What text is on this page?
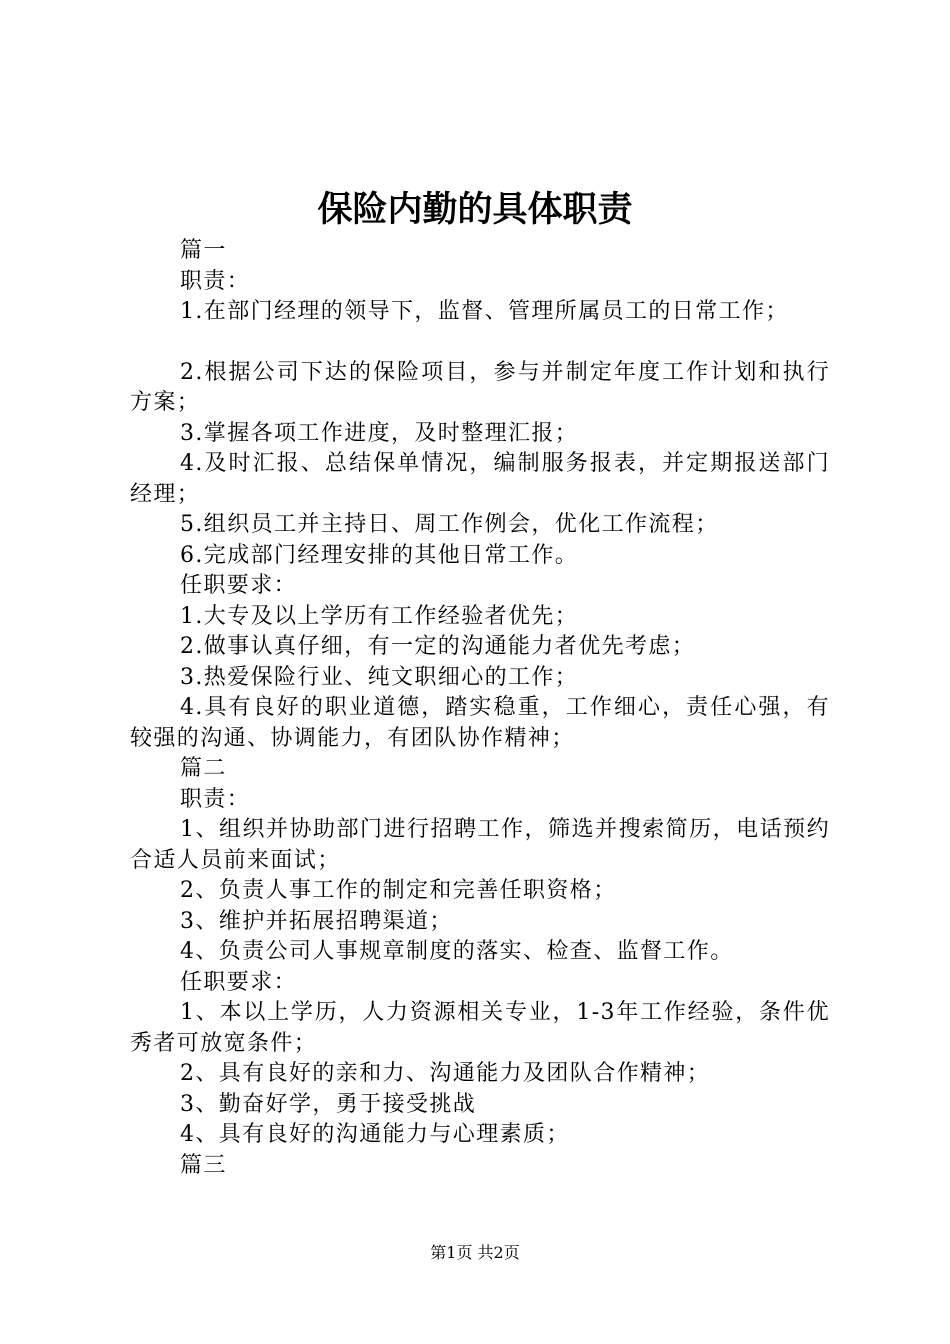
保险内勤的具体职责

篇一

职责：

1.在部门经理的领导下，监督、管理所属员工的日常工作；

2.根据公司下达的保险项目，参与并制定年度工作计划和执行方案；

3.掌握各项工作进度，及时整理汇报；

4.及时汇报、总结保单情况，编制服务报表，并定期报送部门经理；

5.组织员工并主持日、周工作例会，优化工作流程；

6.完成部门经理安排的其他日常工作。

任职要求：

1.大专及以上学历有工作经验者优先；

2.做事认真仔细，有一定的沟通能力者优先考虑；

3.热爱保险行业、纯文职细心的工作；

4.具有良好的职业道德，踏实稳重，工作细心，责任心强，有较强的沟通、协调能力，有团队协作精神；

篇二

职责：

1、组织并协助部门进行招聘工作，筛选并搜索简历，电话预约合适人员前来面试；

2、负责人事工作的制定和完善任职资格；

3、维护并拓展招聘渠道；

4、负责公司人事规章制度的落实、检查、监督工作。

任职要求：

1、本以上学历，人力资源相关专业，1-3年工作经验，条件优秀者可放宽条件；

2、具有良好的亲和力、沟通能力及团队合作精神；

3、勤奋好学，勇于接受挑战

4、具有良好的沟通能力与心理素质；

篇三

第1页 共2页
